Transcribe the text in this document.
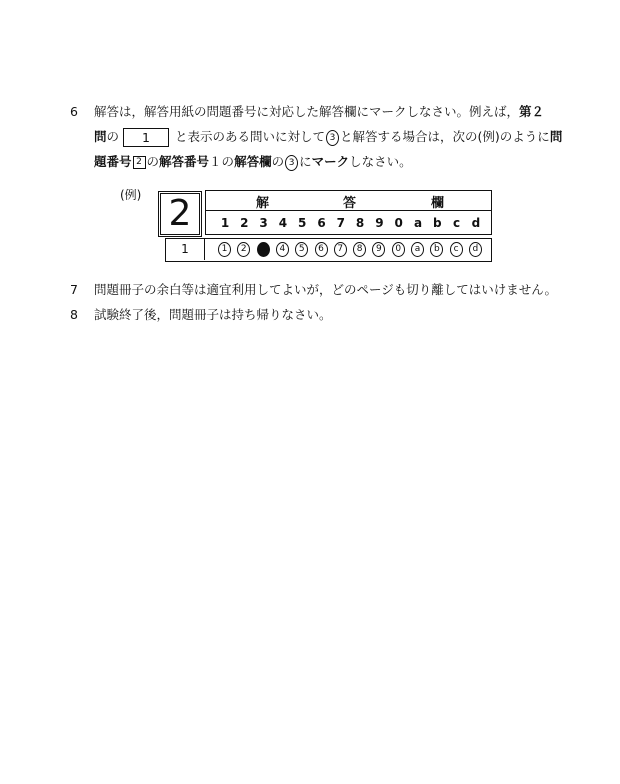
6 解答は，解答用紙の問題番号に対応した解答欄にマークしなさい。例えば，第２
問の 1 と表示のある問いに対して 3 と解答する場合は，次の(例)のように問
題番号 2 の解答番号１の解答欄の 3 にマークしなさい。
(例) 2	解	答	欄
1 2 3 4 5 6 7 8 9 0 a b c d
1	1	2	3	4	5	6	7	8	9	0	a	b	c	d
7 問題冊子の余白等は適宜利用してよいが，どのページも切り離してはいけません。
8 試験終了後，問題冊子は持ち帰りなさい。
